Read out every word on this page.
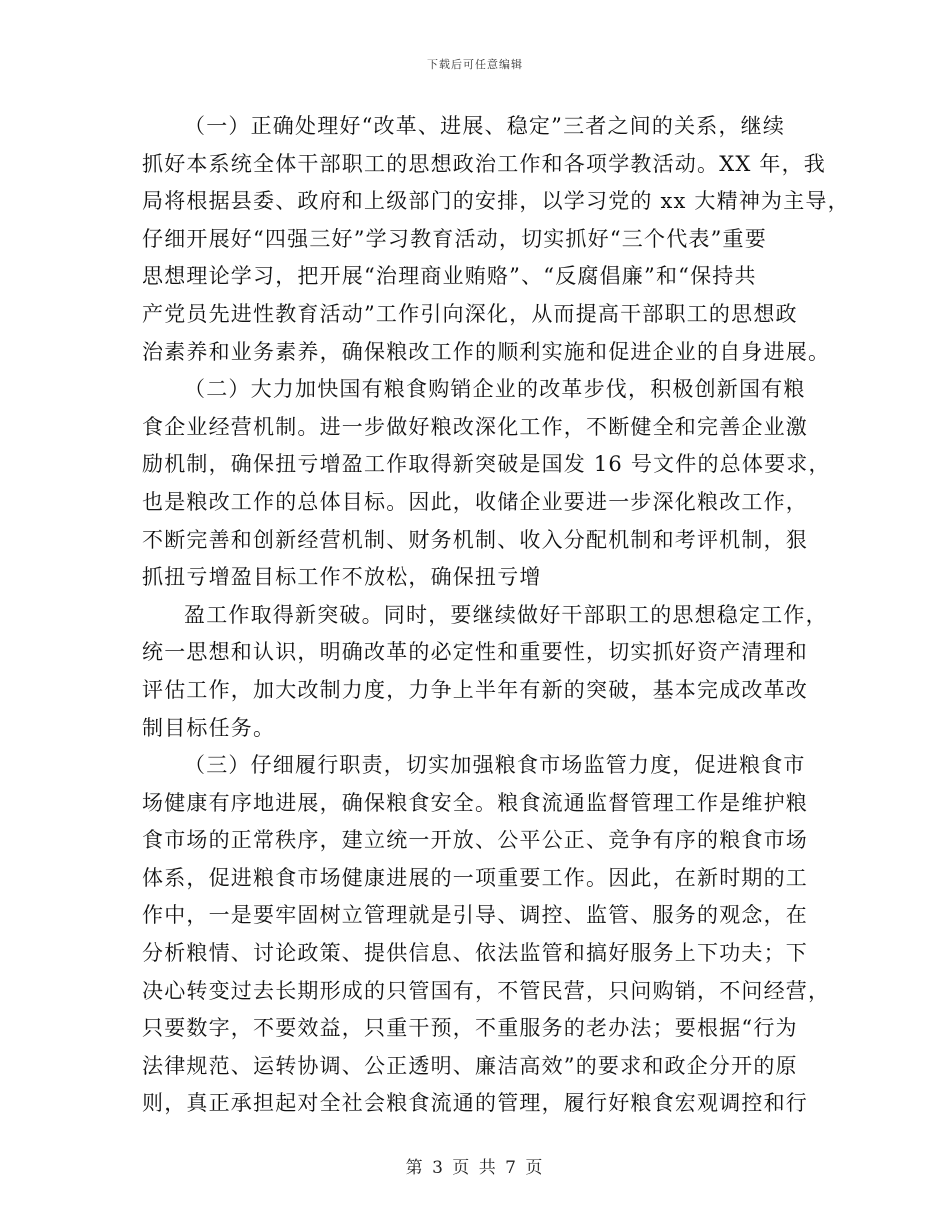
下载后可任意编辑
（一）正确处理好“改革、进展、稳定”三者之间的关系，继续
抓好本系统全体干部职工的思想政治工作和各项学教活动。XX 年，我
局将根据县委、政府和上级部门的安排，以学习党的 xx 大精神为主导，
仔细开展好“四强三好”学习教育活动，切实抓好“三个代表”重要
思想理论学习，把开展“治理商业贿赂”、“反腐倡廉”和“保持共
产党员先进性教育活动”工作引向深化，从而提高干部职工的思想政
治素养和业务素养，确保粮改工作的顺利实施和促进企业的自身进展。
（二）大力加快国有粮食购销企业的改革步伐，积极创新国有粮
食企业经营机制。进一步做好粮改深化工作，不断健全和完善企业激
励机制，确保扭亏增盈工作取得新突破是国发 16 号文件的总体要求，
也是粮改工作的总体目标。因此，收储企业要进一步深化粮改工作，
不断完善和创新经营机制、财务机制、收入分配机制和考评机制，狠
抓扭亏增盈目标工作不放松，确保扭亏增
盈工作取得新突破。同时，要继续做好干部职工的思想稳定工作，
统一思想和认识，明确改革的必定性和重要性，切实抓好资产清理和
评估工作，加大改制力度，力争上半年有新的突破，基本完成改革改
制目标任务。
（三）仔细履行职责，切实加强粮食市场监管力度，促进粮食市
场健康有序地进展，确保粮食安全。粮食流通监督管理工作是维护粮
食市场的正常秩序，建立统一开放、公平公正、竞争有序的粮食市场
体系，促进粮食市场健康进展的一项重要工作。因此，在新时期的工
作中，一是要牢固树立管理就是引导、调控、监管、服务的观念，在
分析粮情、讨论政策、提供信息、依法监管和搞好服务上下功夫；下
决心转变过去长期形成的只管国有，不管民营，只问购销，不问经营，
只要数字，不要效益，只重干预，不重服务的老办法；要根据“行为
法律规范、运转协调、公正透明、廉洁高效”的要求和政企分开的原
则，真正承担起对全社会粮食流通的管理，履行好粮食宏观调控和行
第 3 页 共 7 页
